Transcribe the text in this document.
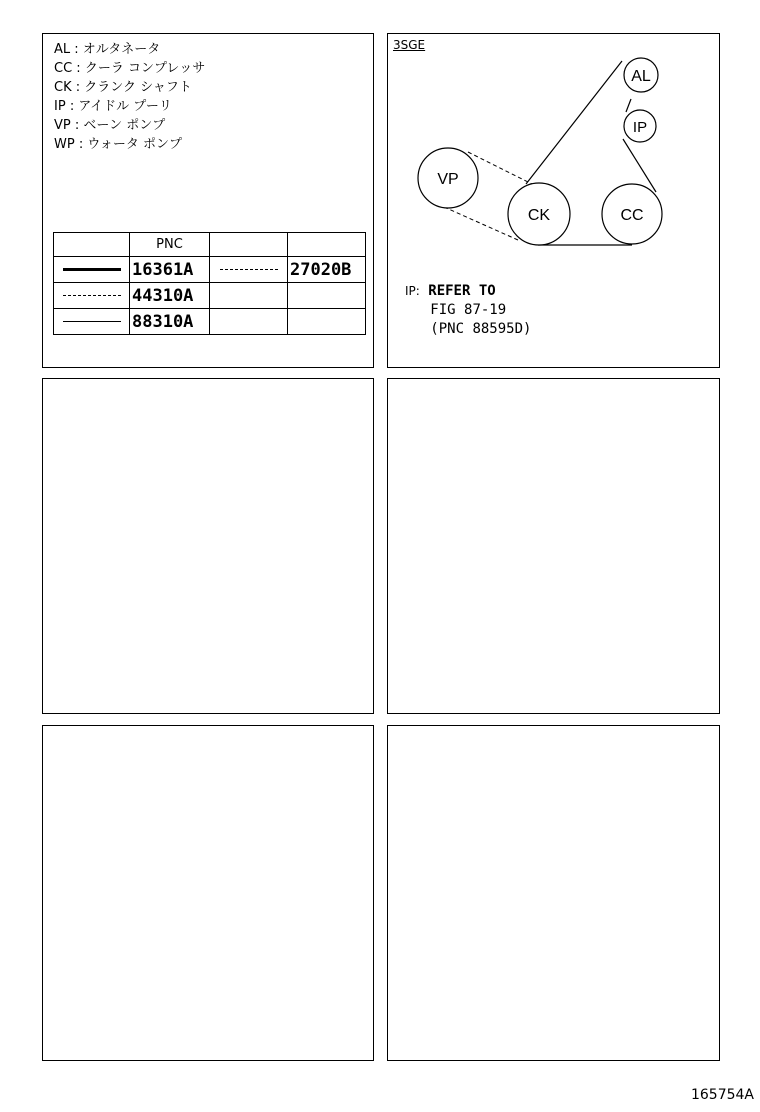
AL : オルタネータ
CC : クーラ コンプレッサ
CK : クランク シャフト
IP : アイドル プーリ
VP : ベーン ポンプ
WP : ウォータ ポンプ
	PNC		

	16361A		27020B

	44310A		

	88310A		
3SGE
AL
IP
VP
CK	CC
IP: REFER TO
FIG 87-19
(PNC 88595D)
165754A
